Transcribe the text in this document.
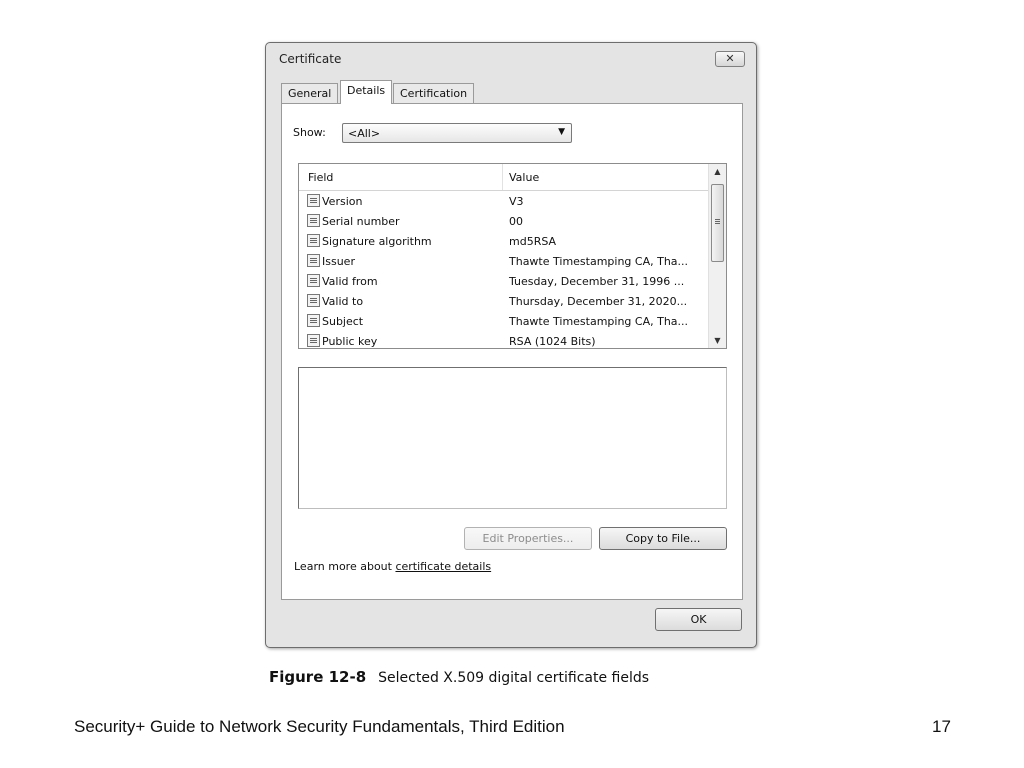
Certificate	✕
General	Details	Certification
Show: <All>	▼
Field	Value
Version	V3
Serial number	00
Signature algorithm	md5RSA
Issuer	Thawte Timestamping CA, Tha...
Valid from	Tuesday, December 31, 1996 ...
Valid to	Thursday, December 31, 2020...
Subject	Thawte Timestamping CA, Tha...
Public key	RSA (1024 Bits)
▲
▼
Edit Properties...	Copy to File...
Learn more about certificate details
OK
Figure 12-8 Selected X.509 digital certificate fields
Security+ Guide to Network Security Fundamentals, Third Edition	17
